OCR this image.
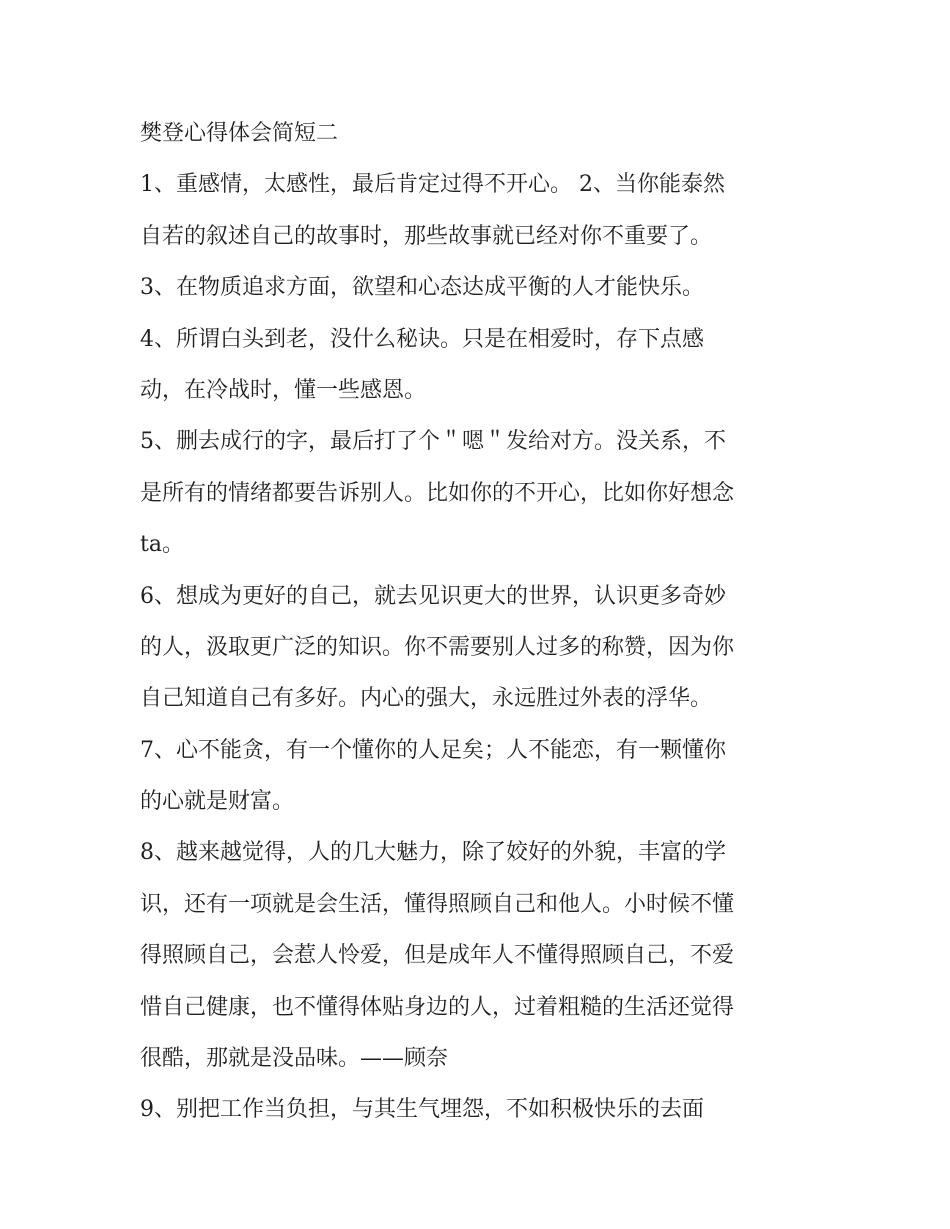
樊登心得体会简短二
1、重感情，太感性，最后肯定过得不开心。 2、当你能泰然
自若的叙述自己的故事时，那些故事就已经对你不重要了。
3、在物质追求方面，欲望和心态达成平衡的人才能快乐。
4、所谓白头到老，没什么秘诀。只是在相爱时，存下点感
动，在冷战时，懂一些感恩。
5、删去成行的字，最后打了个＂嗯＂发给对方。没关系，不
是所有的情绪都要告诉别人。比如你的不开心，比如你好想念
ta。
6、想成为更好的自己，就去见识更大的世界，认识更多奇妙
的人，汲取更广泛的知识。你不需要别人过多的称赞，因为你
自己知道自己有多好。内心的强大，永远胜过外表的浮华。
7、心不能贪，有一个懂你的人足矣；人不能恋，有一颗懂你
的心就是财富。
8、越来越觉得，人的几大魅力，除了姣好的外貌，丰富的学
识，还有一项就是会生活，懂得照顾自己和他人。小时候不懂
得照顾自己，会惹人怜爱，但是成年人不懂得照顾自己，不爱
惜自己健康，也不懂得体贴身边的人，过着粗糙的生活还觉得
很酷，那就是没品味。——顾奈
9、别把工作当负担，与其生气埋怨，不如积极快乐的去面
